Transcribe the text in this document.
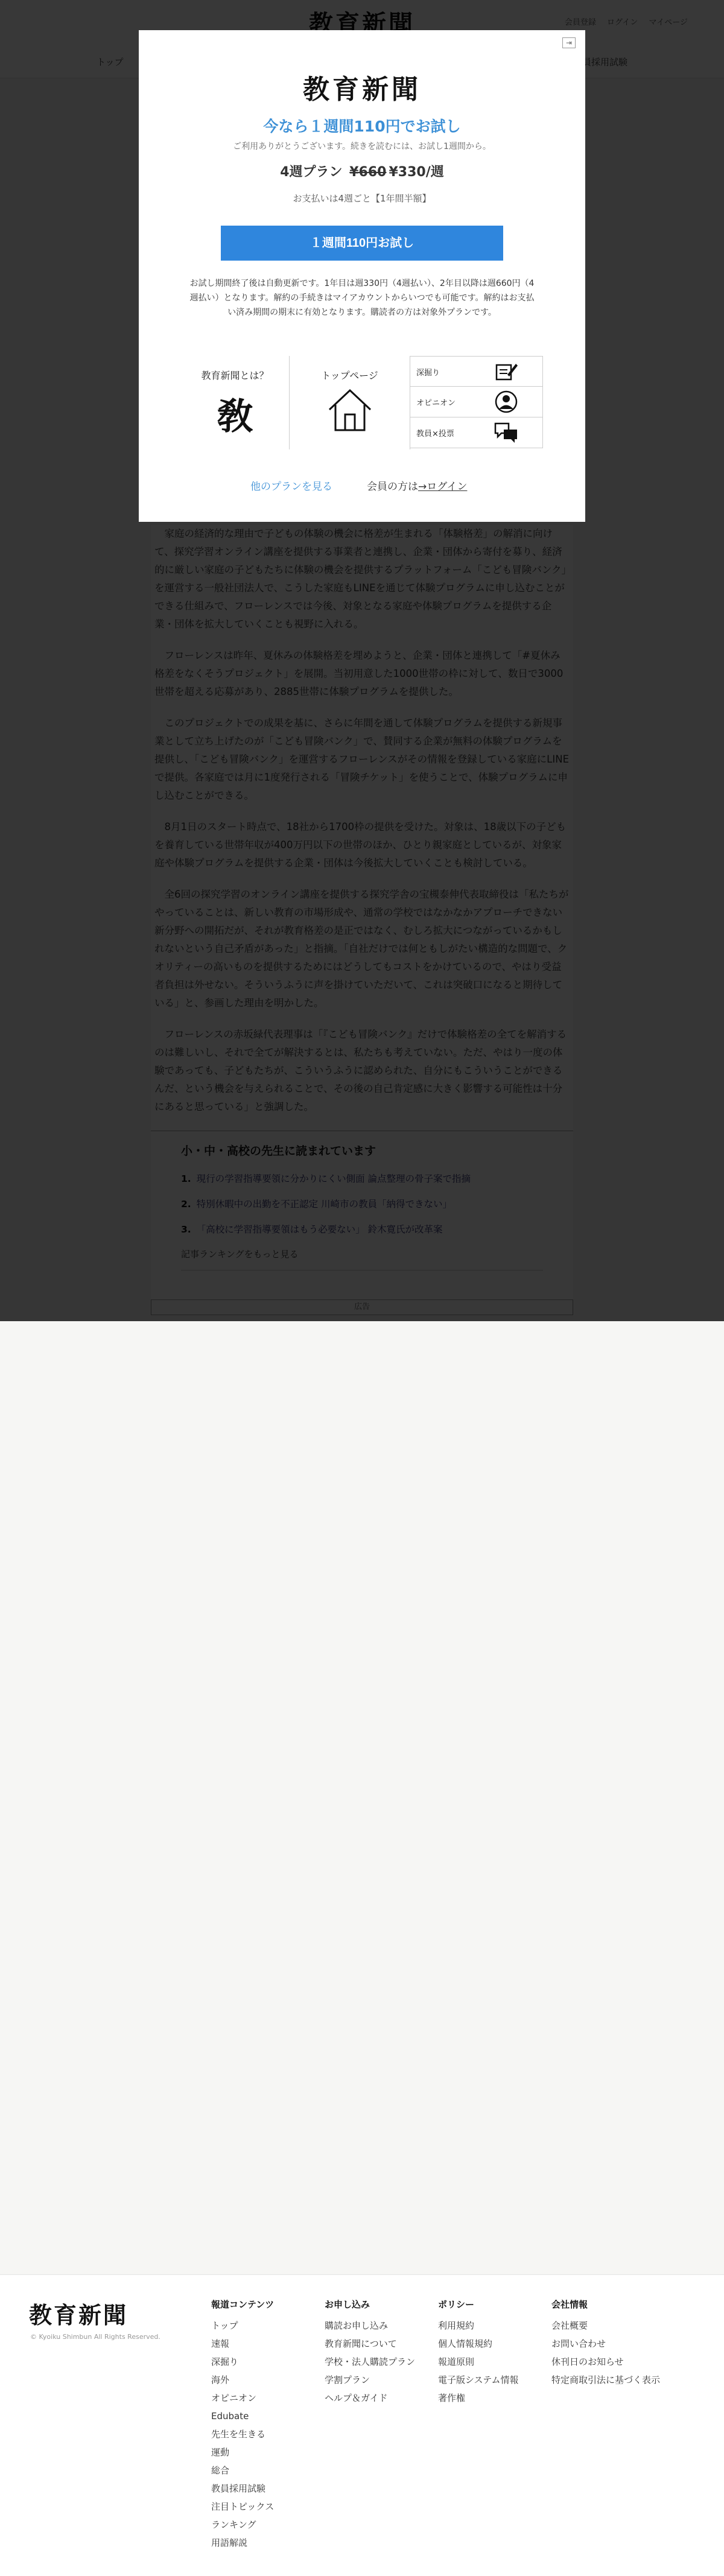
教育新聞
© Kyoiku Shimbun All Rights Reserved.
報道コンテンツ
トップ
速報
深掘り
海外
オピニオン
Edubate
先生を生きる
運動
総合
教員採用試験
注目トピックス
ランキング
用語解説
お申し込み
購読お申し込み
教育新聞について
学校・法人購読プラン
学割プラン
ヘルプ＆ガイド
ポリシー
利用規約
個人情報規約
報道原則
電子版システム情報
著作権
会社情報
会社概要
お問い合わせ
休刊日のお知らせ
特定商取引法に基づく表示
⇥
教育新聞
今なら１週間110円でお試し
ご利用ありがとうございます。続きを読むには、お試し1週間から。
4週プラン ¥660 ¥330/週
お支払いは4週ごと【1年間半額】
１週間110円お試し
お試し期間終了後は自動更新です。1年目は週330円（4週払い）、2年目以降は週660円（4週払い）となります。解約の手続きはマイアカウントからいつでも可能です。解約はお支払い済み期間の期末に有効となります。購読者の方は対象外プランです。
教育新聞とは？
敎
トップページ	深掘り
オピニオン
教員×投票
他のプランを見る	会員の方は→ログイン
